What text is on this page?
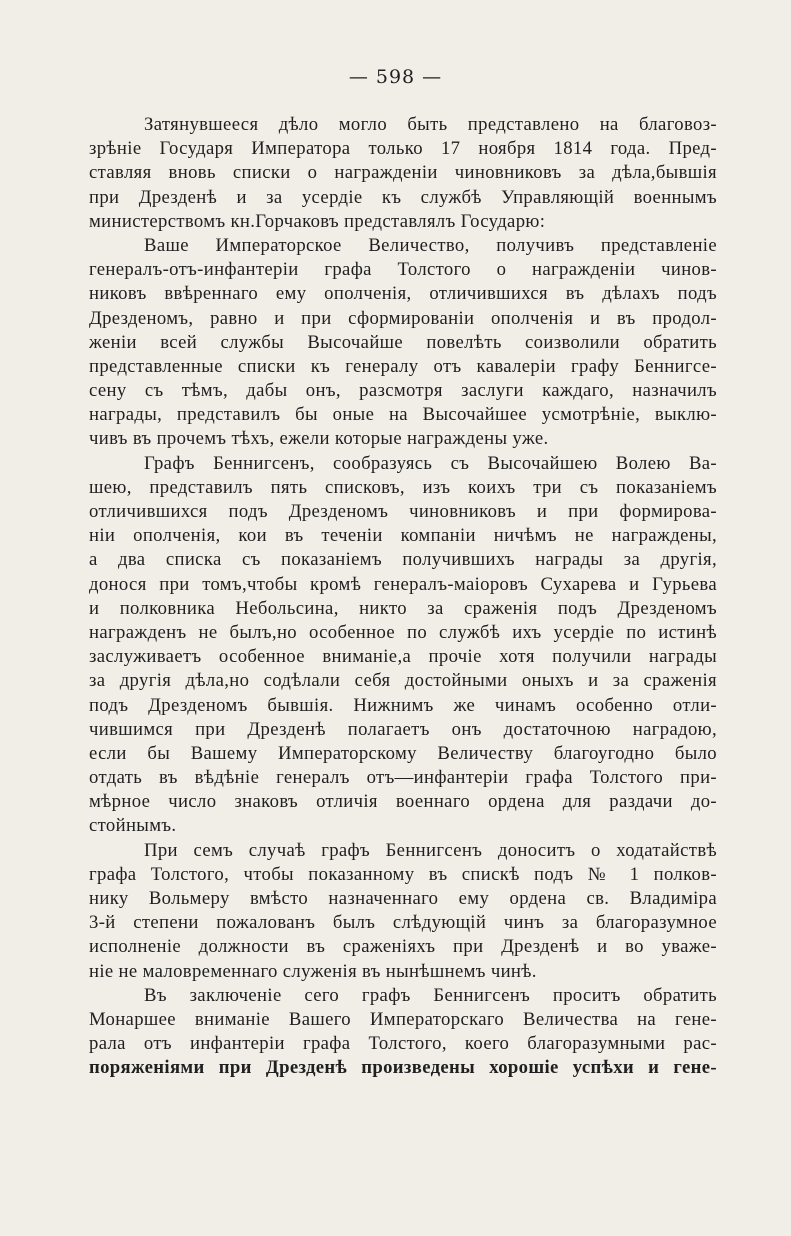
— 598 —
Затянувшееся дѣло могло быть представлено на благовоз-
зрѣніе Государя Императора только 17 ноября 1814 года. Пред-
ставляя вновь списки о награжденіи чиновниковъ за дѣла,бывшія
при Дрезденѣ и за усердіе къ службѣ Управляющій военнымъ
министерствомъ кн.Горчаковъ представлялъ Государю:
Ваше Императорское Величество, получивъ представленіе
генералъ-отъ-инфантеріи графа Толстого о награжденіи чинов-
никовъ ввѣреннаго ему ополченія, отличившихся въ дѣлахъ подъ
Дрезденомъ, равно и при сформированіи ополченія и въ продол-
женіи всей службы Высочайше повелѣть соизволили обратить
представленные списки къ генералу отъ кавалеріи графу Беннигсе-
сену съ тѣмъ, дабы онъ, разсмотря заслуги каждаго, назначилъ
награды, представилъ бы оные на Высочайшее усмотрѣніе, выклю-
чивъ въ прочемъ тѣхъ, ежели которые награждены уже.
Графъ Беннигсенъ, сообразуясь съ Высочайшею Волею Ва-
шею, представилъ пять списковъ, изъ коихъ три съ показаніемъ
отличившихся подъ Дрезденомъ чиновниковъ и при формирова-
ніи ополченія, кои въ теченіи компаніи ничѣмъ не награждены,
а два списка съ показаніемъ получившихъ награды за другія,
донося при томъ,чтобы кромѣ генералъ-маіоровъ Сухарева и Гурьева
и полковника Небольсина, никто за сраженія подъ Дрезденомъ
награжденъ не былъ,но особенное по службѣ ихъ усердіе по истинѣ
заслуживаетъ особенное вниманіе,а прочіе хотя получили награды
за другія дѣла,но содѣлали себя достойными оныхъ и за сраженія
подъ Дрезденомъ бывшія. Нижнимъ же чинамъ особенно отли-
чившимся при Дрезденѣ полагаетъ онъ достаточною наградою,
если бы Вашему Императорскому Величеству благоугодно было
отдать въ вѣдѣніе генералъ отъ—инфантеріи графа Толстого при-
мѣрное число знаковъ отличія военнаго ордена для раздачи до-
стойнымъ.
При семъ случаѣ графъ Беннигсенъ доноситъ о ходатайствѣ
графа Толстого, чтобы показанному въ спискѣ подъ № 1 полков-
нику Вольмеру вмѣсто назначеннаго ему ордена св. Владиміра
3-й степени пожалованъ былъ слѣдующій чинъ за благоразумное
исполненіе должности въ сраженіяхъ при Дрезденѣ и во уваже-
ніе не маловременнаго служенія въ нынѣшнемъ чинѣ.
Въ заключеніе сего графъ Беннигсенъ проситъ обратить
Монаршее вниманіе Вашего Императорскаго Величества на гене-
рала отъ инфантеріи графа Толстого, коего благоразумными рас-
поряженіями при Дрезденѣ произведены хорошіе успѣхи и гене-
